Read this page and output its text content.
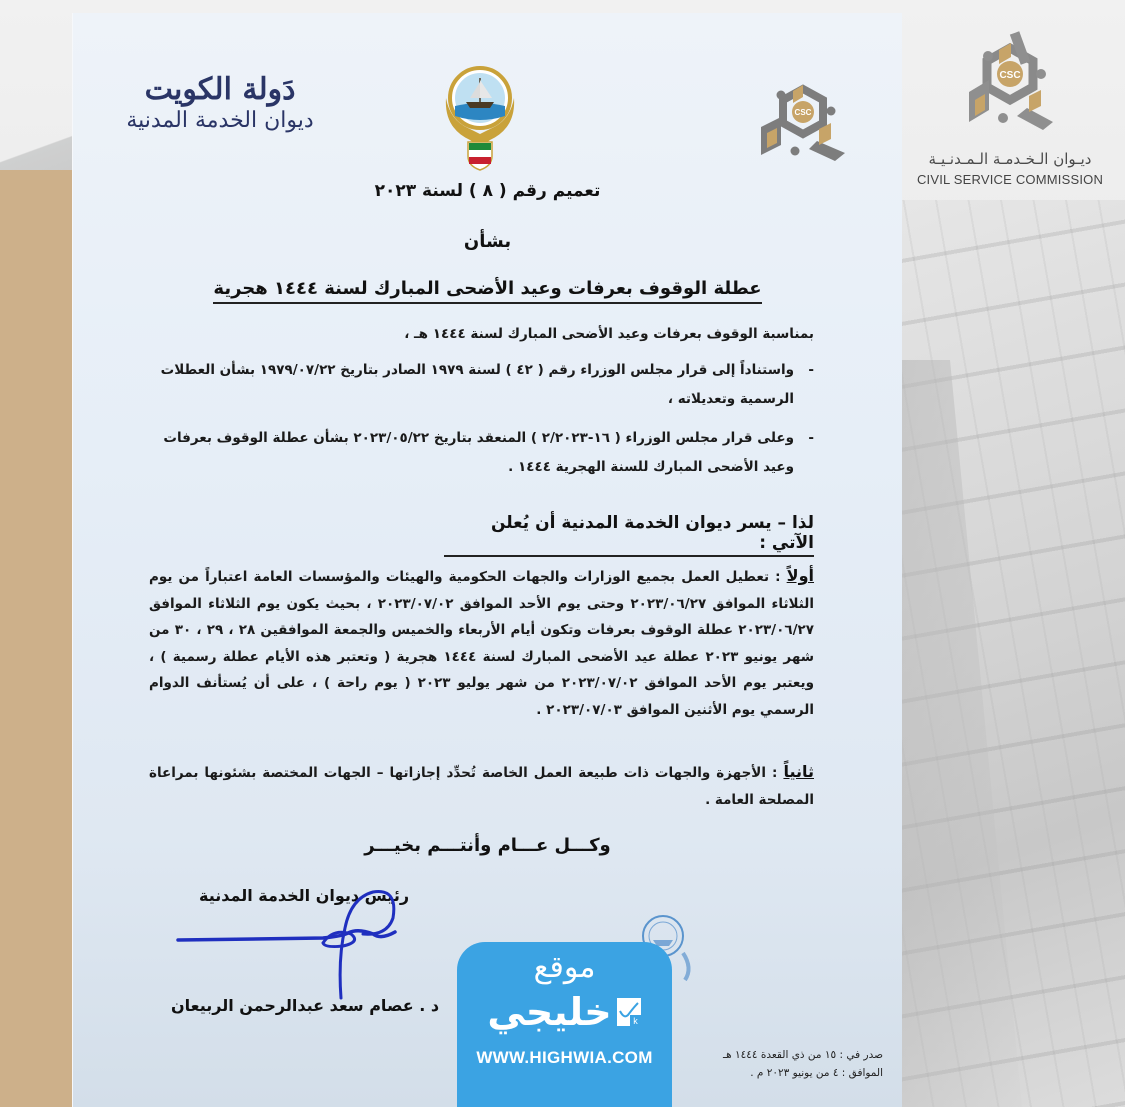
CSC
ديـوان الـخـدمـة الـمـدنـيـة
CIVIL SERVICE COMMISSION
دَولة الكويت
ديوان الخدمة المدنية	CSC
تعميم رقم ( ٨ ) لسنة ٢٠٢٣
بشأن
عطلة الوقوف بعرفات وعيد الأضحى المبارك لسنة ١٤٤٤ هجرية
بمناسبة الوقوف بعرفات وعيد الأضحى المبارك لسنة ١٤٤٤ هـ ،
-
واستناداً إلى قرار مجلس الوزراء رقم ( ٤٢ ) لسنة ١٩٧٩ الصادر بتاريخ ١٩٧٩/٠٧/٢٢ بشأن العطلات الرسمية وتعديلاته ،
-
وعلى قرار مجلس الوزراء ( ١٦-٢/٢٠٢٣ ) المنعقد بتاريخ ٢٠٢٣/٠٥/٢٢ بشأن عطلة الوقوف بعرفات وعيد الأضحى المبارك للسنة الهجرية ١٤٤٤ .
لذا – يسر ديوان الخدمة المدنية أن يُعلن الآتي :
أولاً : تعطيل العمل بجميع الوزارات والجهات الحكومية والهيئات والمؤسسات العامة اعتباراً من يوم الثلاثاء الموافق ٢٠٢٣/٠٦/٢٧ وحتى يوم الأحد الموافق ٢٠٢٣/٠٧/٠٢ ، بحيث يكون يوم الثلاثاء الموافق ٢٠٢٣/٠٦/٢٧ عطلة الوقوف بعرفات وتكون أيام الأربعاء والخميس والجمعة الموافقين ٢٨ ، ٢٩ ، ٣٠ من شهر يونيو ٢٠٢٣ عطلة عيد الأضحى المبارك لسنة ١٤٤٤ هجرية ( وتعتبر هذه الأيام عطلة رسمية ) ، ويعتبر يوم الأحد الموافق ٢٠٢٣/٠٧/٠٢ من شهر يوليو ٢٠٢٣ ( يوم راحة ) ، على أن يُستأنف الدوام الرسمي يوم الأثنين الموافق ٢٠٢٣/٠٧/٠٣ .
ثانياً : الأجهزة والجهات ذات طبيعة العمل الخاصة تُحدِّد إجازاتها – الجهات المختصة بشئونها بمراعاة المصلحة العامة .
وكـــل عـــام وأنتـــم بخيـــر
رئيس ديوان الخدمة المدنية
د . عصام سعد عبدالرحمن الربيعان
صدر في : ١٥ من ذي القعدة ١٤٤٤ هـ
الموافق : ٤ من يونيو ٢٠٢٣ م .
موقع
خليجي k
WWW.HIGHWIA.COM
